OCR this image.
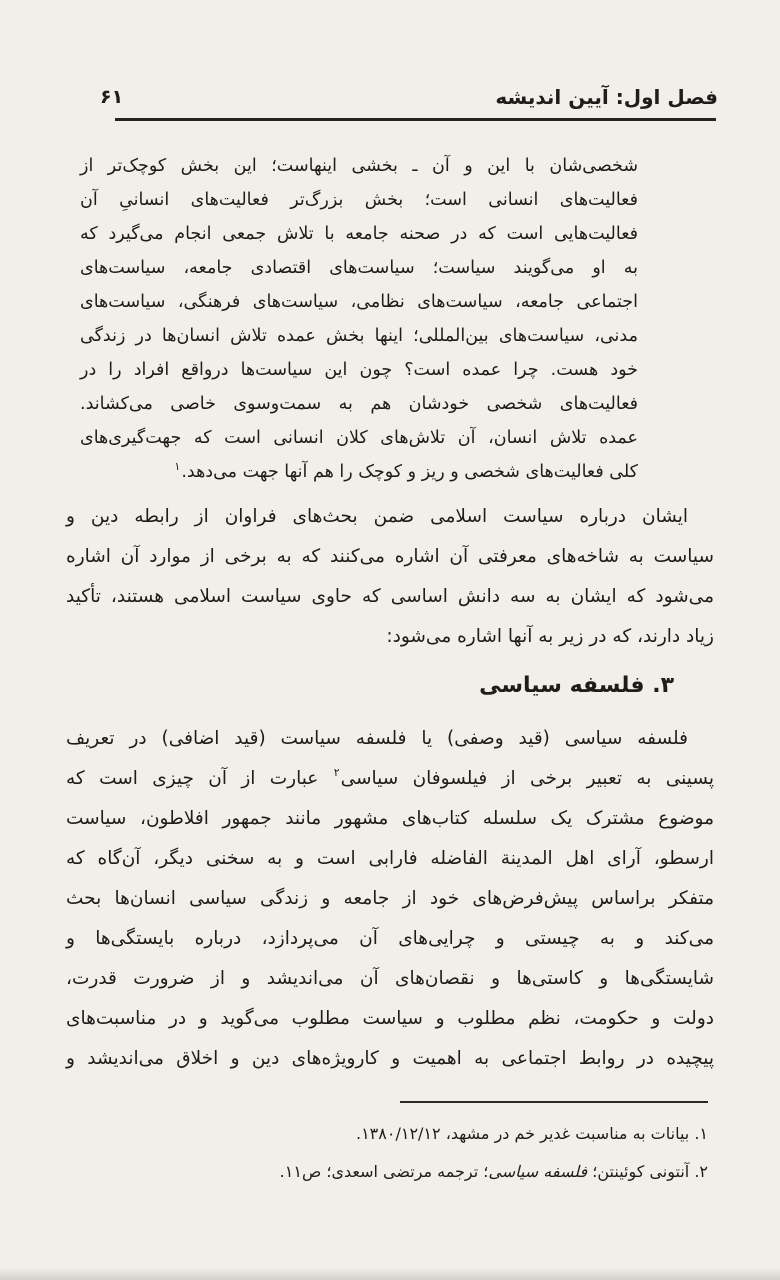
فصل اول: آیین اندیشه
۶۱
شخصی‌شان با این و آن ـ بخشی اینهاست؛ این بخش کوچک‌تر از
فعالیت‌های انسانی است؛ بخش بزرگ‌تر فعالیت‌های انسانیِ آن
فعالیت‌هایی است که در صحنه جامعه با تلاش جمعی انجام می‌گیرد که
به او می‌گویند سیاست؛ سیاست‌های اقتصادی جامعه، سیاست‌های
اجتماعی جامعه، سیاست‌های نظامی، سیاست‌های فرهنگی، سیاست‌های
مدنی، سیاست‌های بین‌المللی؛ اینها بخش عمده تلاش انسان‌ها در زندگی
خود هست. چرا عمده است؟ چون این سیاست‌ها درواقع افراد را در
فعالیت‌های شخصی خودشان هم به سمت‌وسوی خاصی می‌کشاند.
عمده تلاش انسان، آن تلاش‌های کلان انسانی است که جهت‌گیری‌های
کلی فعالیت‌های شخصی و ریز و کوچک را هم آنها جهت می‌دهد.$^۱$
ایشان درباره سیاست اسلامی ضمن بحث‌های فراوان از رابطه دین و
سیاست به شاخه‌های معرفتی آن اشاره می‌کنند که به برخی از موارد آن اشاره
می‌شود که ایشان به سه دانش اساسی که حاوی سیاست اسلامی هستند، تأکید
زیاد دارند، که در زیر به آنها اشاره می‌شود:
۳. فلسفه سیاسی
فلسفه سیاسی (قید وصفی) یا فلسفه سیاست (قید اضافی) در تعریف
پسینی به تعبیر برخی از فیلسوفان سیاسی$^۲$ عبارت از آن چیزی است که
موضوع مشترک یک سلسله کتاب‌های مشهور مانند جمهور افلاطون، سیاست
ارسطو، آرای اهل المدینة الفاضله فارابی است و به سخنی دیگر، آن‌گاه که
متفکر براساس پیش‌فرض‌های خود از جامعه و زندگی سیاسی انسان‌ها بحث
می‌کند و به چیستی و چرایی‌های آن می‌پردازد، درباره بایستگی‌ها و
شایستگی‌ها و کاستی‌ها و نقصان‌های آن می‌اندیشد و از ضرورت قدرت،
دولت و حکومت، نظم مطلوب و سیاست مطلوب می‌گوید و در مناسبت‌های
پیچیده در روابط اجتماعی به اهمیت و کارویژه‌های دین و اخلاق می‌اندیشد و
۱. بیانات به مناسبت غدیر خم در مشهد، ۱۳۸۰/۱۲/۱۲.
۲. آنتونی کوئینتن؛ فلسفه سیاسی؛ ترجمه مرتضی اسعدی؛ ص۱۱.
